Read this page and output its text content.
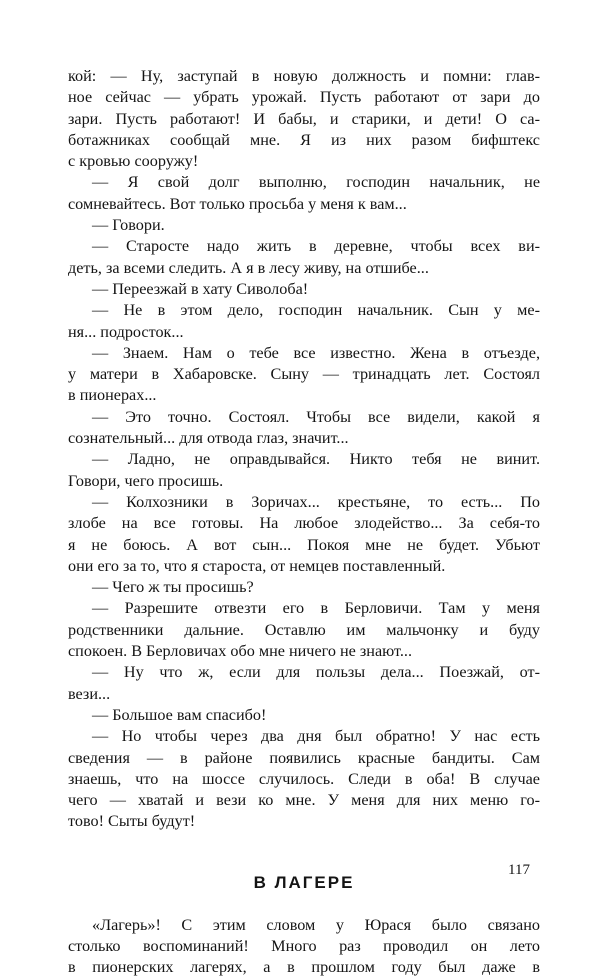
кой: — Ну, заступай в новую должность и помни: глав-
ное сейчас — убрать урожай. Пусть работают от зари до
зари. Пусть работают! И бабы, и старики, и дети! О са-
ботажниках сообщай мне. Я из них разом бифштекс
с кровью сооружу!
— Я свой долг выполню, господин начальник, не
сомневайтесь. Вот только просьба у меня к вам...
— Говори.
— Старосте надо жить в деревне, чтобы всех ви-
деть, за всеми следить. А я в лесу живу, на отшибе...
— Переезжай в хату Сиволоба!
— Не в этом дело, господин начальник. Сын у ме-
ня... подросток...
— Знаем. Нам о тебе все известно. Жена в отъезде,
у матери в Хабаровске. Сыну — тринадцать лет. Состоял
в пионерах...
— Это точно. Состоял. Чтобы все видели, какой я
сознательный... для отвода глаз, значит...
— Ладно, не оправдывайся. Никто тебя не винит.
Говори, чего просишь.
— Колхозники в Зоричах... крестьяне, то есть... По
злобе на все готовы. На любое злодейство... За себя-то
я не боюсь. А вот сын... Покоя мне не будет. Убьют
они его за то, что я староста, от немцев поставленный.
— Чего ж ты просишь?
— Разрешите отвезти его в Берловичи. Там у меня
родственники дальние. Оставлю им мальчонку и буду
спокоен. В Берловичах обо мне ничего не знают...
— Ну что ж, если для пользы дела... Поезжай, от-
вези...
— Большое вам спасибо!
— Но чтобы через два дня был обратно! У нас есть
сведения — в районе появились красные бандиты. Сам
знаешь, что на шоссе случилось. Следи в оба! В случае
чего — хватай и вези ко мне. У меня для них меню го-
тово! Сыты будут!
В ЛАГЕРЕ
«Лагерь»! С этим словом у Юрася было связано
столько воспоминаний! Много раз проводил он лето
в пионерских лагерях, а в прошлом году был даже в
117
